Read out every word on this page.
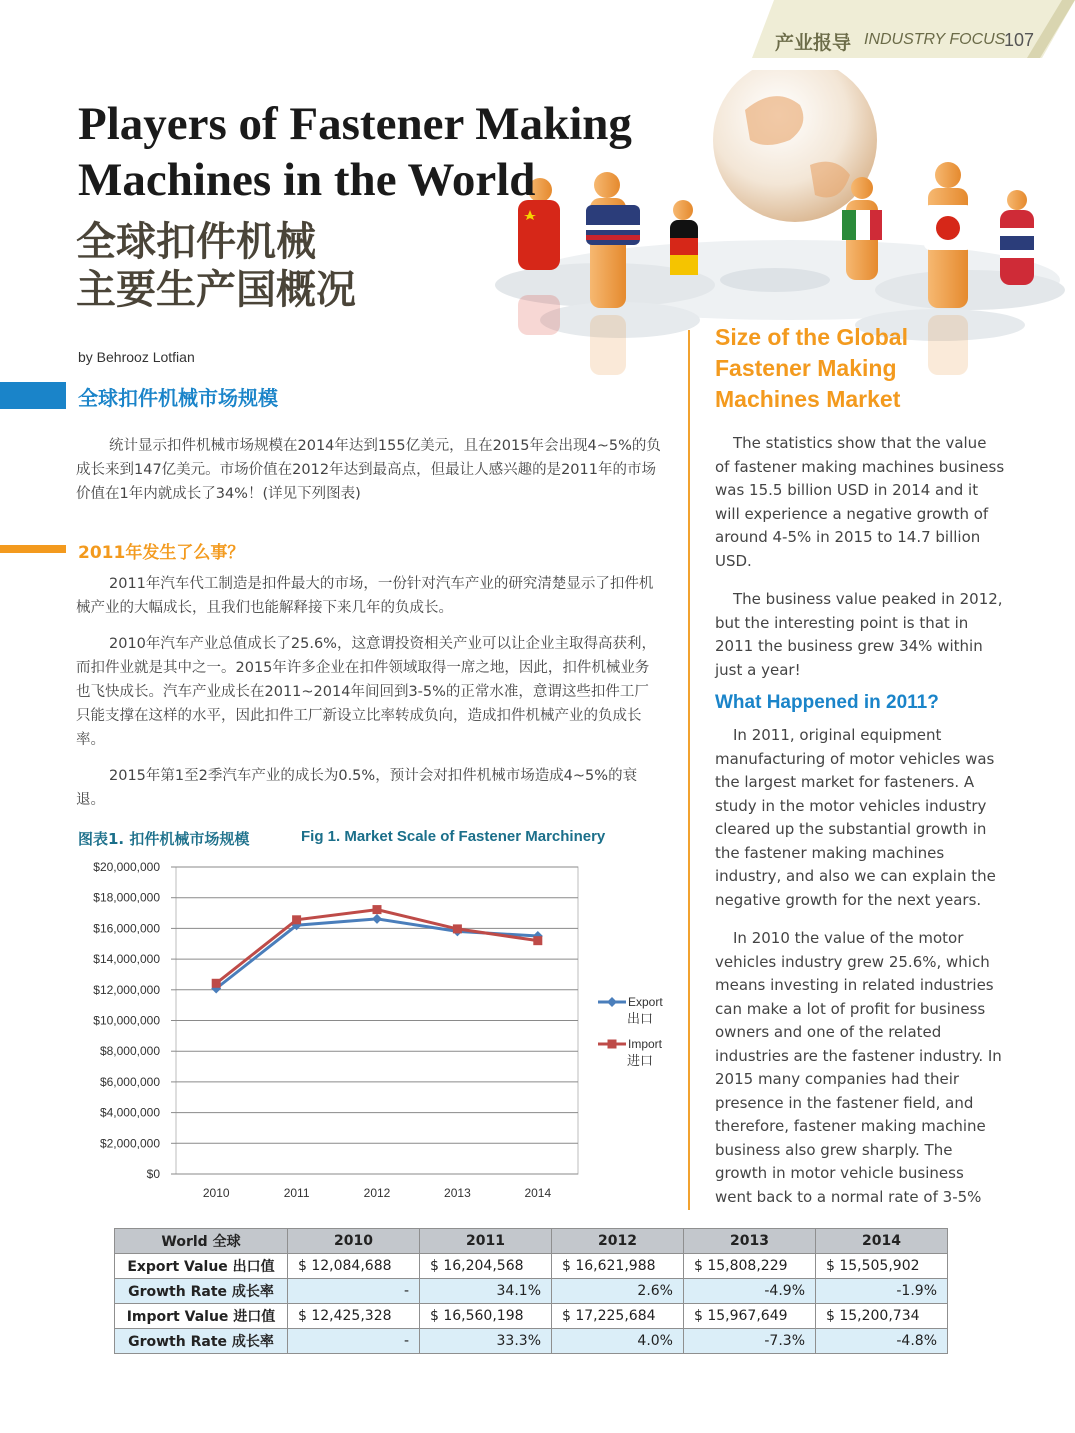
产业报导 INDUSTRY FOCUS
107
Players of Fastener Making
Machines in the World
全球扣件机械
主要生产国概况
by Behrooz Lotfian
全球扣件机械市场规模

统计显示扣件机械市场规模在2014年达到155亿美元，且在2015年会出现4~5%的负成长来到147亿美元。市场价值在2012年达到最高点，但最让人感兴趣的是2011年的市场价值在1年内就成长了34%！(详见下列图表)

2011年发生了么事？

2011年汽车代工制造是扣件最大的市场，一份针对汽车产业的研究清楚显示了扣件机械产业的大幅成长，且我们也能解释接下来几年的负成长。

2010年汽车产业总值成长了25.6%，这意谓投资相关产业可以让企业主取得高获利，而扣件业就是其中之一。2015年许多企业在扣件领域取得一席之地，因此，扣件机械业务也飞快成长。汽车产业成长在2011~2014年间回到3-5%的正常水准，意谓这些扣件工厂只能支撑在这样的水平，因此扣件工厂新设立比率转成负向，造成扣件机械产业的负成长率。

2015年第1至2季汽车产业的成长为0.5%，预计会对扣件机械市场造成4~5%的衰退。

图表1. 扣件机械市场规模	Fig 1. Market Scale of Fastener Marchinery
$0
$2,000,000
$4,000,000
$6,000,000
$8,000,000
$10,000,000
$12,000,000
$14,000,000
$16,000,000
$18,000,000
$20,000,000
2010	2011	2012	2013	2014
Export
出口
Import
进口
Size of the Global Fastener Making Machines Market

The statistics show that the value of fastener making machines business was 15.5 billion USD in 2014 and it will experience a negative growth of around 4-5% in 2015 to 14.7 billion USD.

The business value peaked in 2012, but the interesting point is that in 2011 the business grew 34% within just a year!

What Happened in 2011?

In 2011, original equipment manufacturing of motor vehicles was the largest market for fasteners. A study in the motor vehicles industry cleared up the substantial growth in the fastener making machines industry, and also we can explain the negative growth for the next years.

In 2010 the value of the motor vehicles industry grew 25.6%, which means investing in related industries can make a lot of profit for business owners and one of the related industries are the fastener industry. In 2015 many companies had their presence in the fastener field, and therefore, fastener making machine business also grew sharply. The growth in motor vehicle business went back to a normal rate of 3-5%

World 全球	2010	2011	2012	2013	2014
Export Value 出口值	$ 12,084,688	$ 16,204,568	$ 16,621,988	$ 15,808,229	$ 15,505,902
Growth Rate 成长率	-	34.1%	2.6%	-4.9%	-1.9%
Import Value 进口值	$ 12,425,328	$ 16,560,198	$ 17,225,684	$ 15,967,649	$ 15,200,734
Growth Rate 成长率	-	33.3%	4.0%	-7.3%	-4.8%
